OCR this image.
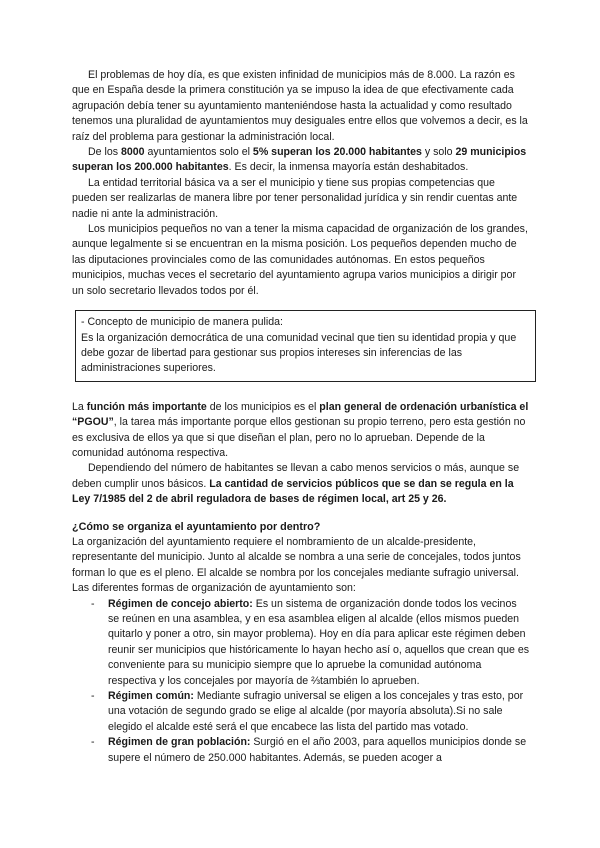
El problemas de hoy día, es que existen infinidad de municipios más de 8.000. La razón es que en España desde la primera constitución ya se impuso la idea de que efectivamente cada agrupación debía tener su ayuntamiento manteniéndose hasta la actualidad y como resultado tenemos una pluralidad de ayuntamientos muy desiguales entre ellos que volvemos a decir, es la raíz del problema para gestionar la administración local.

De los 8000 ayuntamientos solo el 5% superan los 20.000 habitantes y solo 29 municipios superan los 200.000 habitantes. Es decir, la inmensa mayoría están deshabitados.

La entidad territorial básica va a ser el municipio y tiene sus propias competencias que pueden ser realizarlas de manera libre por tener personalidad jurídica y sin rendir cuentas ante nadie ni ante la administración.

Los municipios pequeños no van a tener la misma capacidad de organización de los grandes, aunque legalmente si se encuentran en la misma posición. Los pequeños dependen mucho de las diputaciones provinciales como de las comunidades autónomas. En estos pequeños municipios, muchas veces el secretario del ayuntamiento agrupa varios municipios a dirigir por un solo secretario llevados todos por él.

- Concepto de municipio de manera pulida:

Es la organización democrática de una comunidad vecinal que tien su identidad propia y que debe gozar de libertad para gestionar sus propios intereses sin inferencias de las administraciones superiores.

La función más importante de los municipios es el plan general de ordenación urbanística el “PGOU”, la tarea más importante porque ellos gestionan su propio terreno, pero esta gestión no es exclusiva de ellos ya que si que diseñan el plan, pero no lo aprueban. Depende de la comunidad autónoma respectiva.

Dependiendo del número de habitantes se llevan a cabo menos servicios o más, aunque se deben cumplir unos básicos. La cantidad de servicios públicos que se dan se regula en la Ley 7/1985 del 2 de abril reguladora de bases de régimen local, art 25 y 26.

¿Cómo se organiza el ayuntamiento por dentro?

La organización del ayuntamiento requiere el nombramiento de un alcalde-presidente, representante del municipio. Junto al alcalde se nombra a una serie de concejales, todos juntos forman lo que es el pleno. El alcalde se nombra por los concejales mediante sufragio universal. Las diferentes formas de organización de ayuntamiento son:

- Régimen de concejo abierto: Es un sistema de organización donde todos los vecinos se reúnen en una asamblea, y en esa asamblea eligen al alcalde (ellos mismos pueden quitarlo y poner a otro, sin mayor problema). Hoy en día para aplicar este régimen deben reunir ser municipios que históricamente lo hayan hecho así o, aquellos que crean que es conveniente para su municipio siempre que lo apruebe la comunidad autónoma respectiva y los concejales por mayoría de ⅔también lo aprueben.
- Régimen común: Mediante sufragio universal se eligen a los concejales y tras esto, por una votación de segundo grado se elige al alcalde (por mayoría absoluta).Si no sale elegido el alcalde esté será el que encabece las lista del partido mas votado.
- Régimen de gran población: Surgió en el año 2003, para aquellos municipios donde se supere el número de 250.000 habitantes. Además, se pueden acoger a
